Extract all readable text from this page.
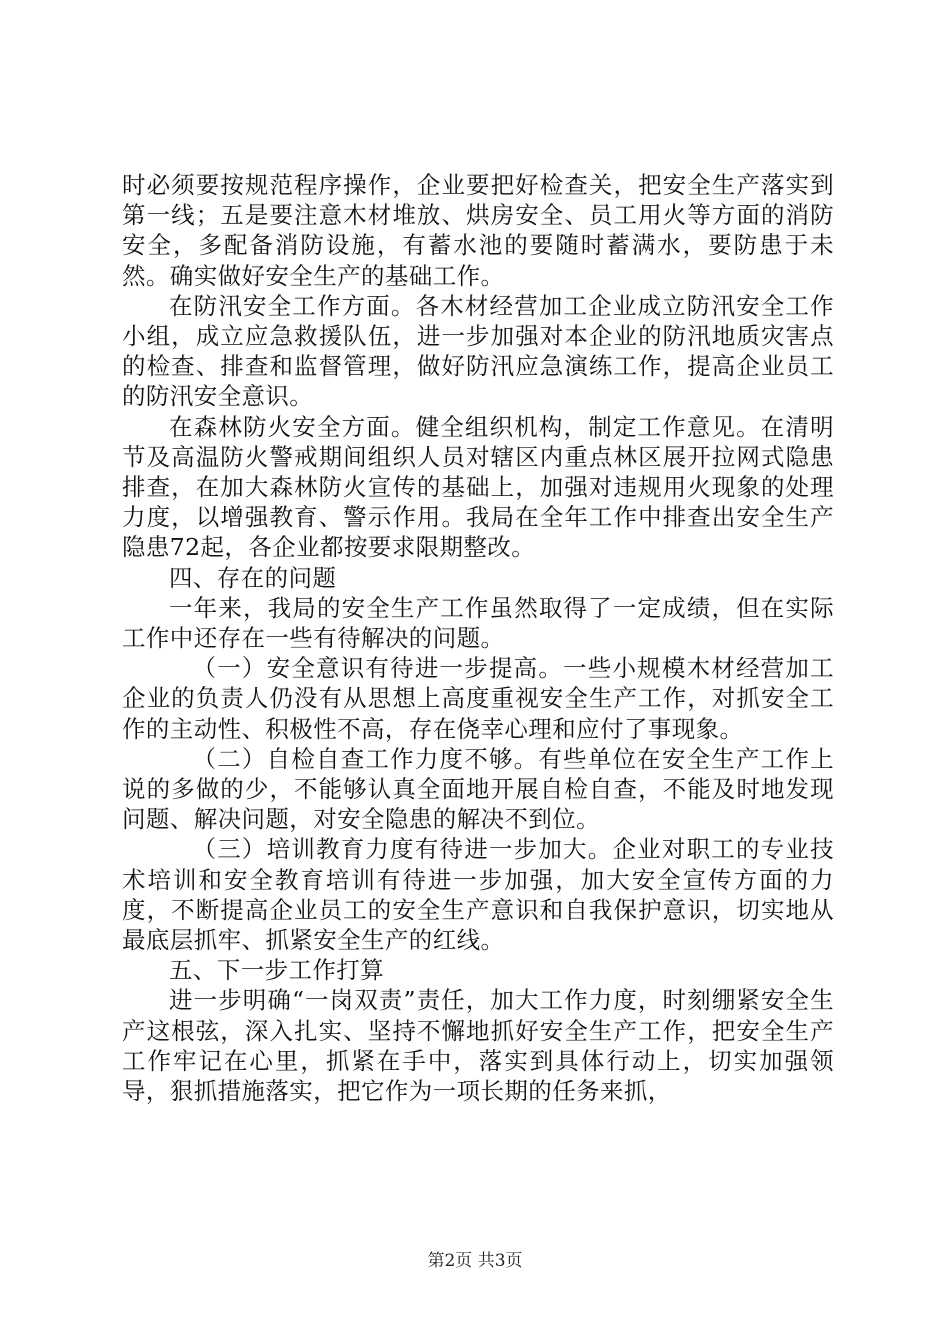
时必须要按规范程序操作，企业要把好检查关，把安全生产落实到第一线；五是要注意木材堆放、烘房安全、员工用火等方面的消防安全，多配备消防设施，有蓄水池的要随时蓄满水，要防患于未然。确实做好安全生产的基础工作。

在防汛安全工作方面。各木材经营加工企业成立防汛安全工作小组，成立应急救援队伍，进一步加强对本企业的防汛地质灾害点的检查、排查和监督管理，做好防汛应急演练工作，提高企业员工的防汛安全意识。

在森林防火安全方面。健全组织机构，制定工作意见。在清明节及高温防火警戒期间组织人员对辖区内重点林区展开拉网式隐患排查，在加大森林防火宣传的基础上，加强对违规用火现象的处理力度，以增强教育、警示作用。我局在全年工作中排查出安全生产隐患72起，各企业都按要求限期整改。

四、存在的问题

一年来，我局的安全生产工作虽然取得了一定成绩，但在实际工作中还存在一些有待解决的问题。

（一）安全意识有待进一步提高。一些小规模木材经营加工企业的负责人仍没有从思想上高度重视安全生产工作，对抓安全工作的主动性、积极性不高，存在侥幸心理和应付了事现象。

（二）自检自查工作力度不够。有些单位在安全生产工作上说的多做的少，不能够认真全面地开展自检自查，不能及时地发现问题、解决问题，对安全隐患的解决不到位。

（三）培训教育力度有待进一步加大。企业对职工的专业技术培训和安全教育培训有待进一步加强，加大安全宣传方面的力度，不断提高企业员工的安全生产意识和自我保护意识，切实地从最底层抓牢、抓紧安全生产的红线。

五、下一步工作打算

进一步明确“一岗双责”责任，加大工作力度，时刻绷紧安全生产这根弦，深入扎实、坚持不懈地抓好安全生产工作，把安全生产工作牢记在心里，抓紧在手中，落实到具体行动上，切实加强领导，狠抓措施落实，把它作为一项长期的任务来抓，

第2页 共3页
